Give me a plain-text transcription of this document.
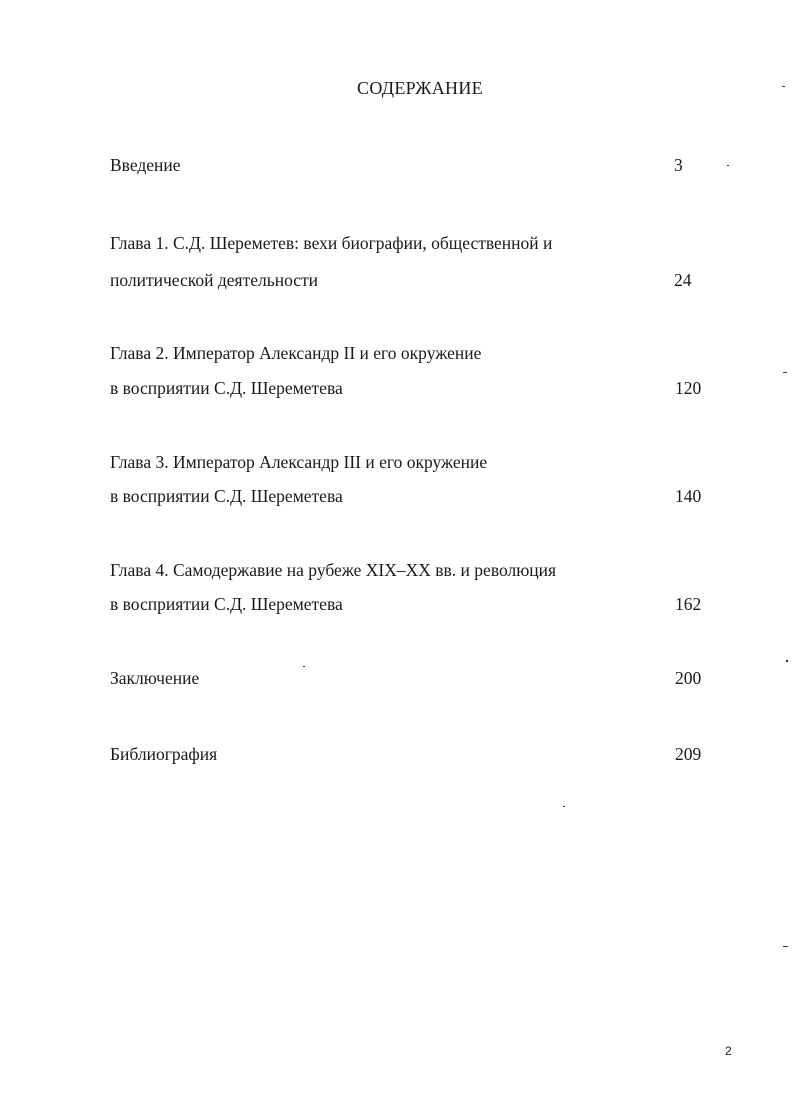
СОДЕРЖАНИЕ
Введение	3
Глава 1. С.Д. Шереметев: вехи биографии, общественной и
политической деятельности	24
Глава 2. Император Александр II и его окружение
в восприятии С.Д. Шереметева	120
Глава 3. Император Александр III и его окружение
в восприятии С.Д. Шереметева	140
Глава 4. Самодержавие на рубеже XIX–XX вв. и революция
в восприятии С.Д. Шереметева	162
Заключение	200
Библиография	209
2
